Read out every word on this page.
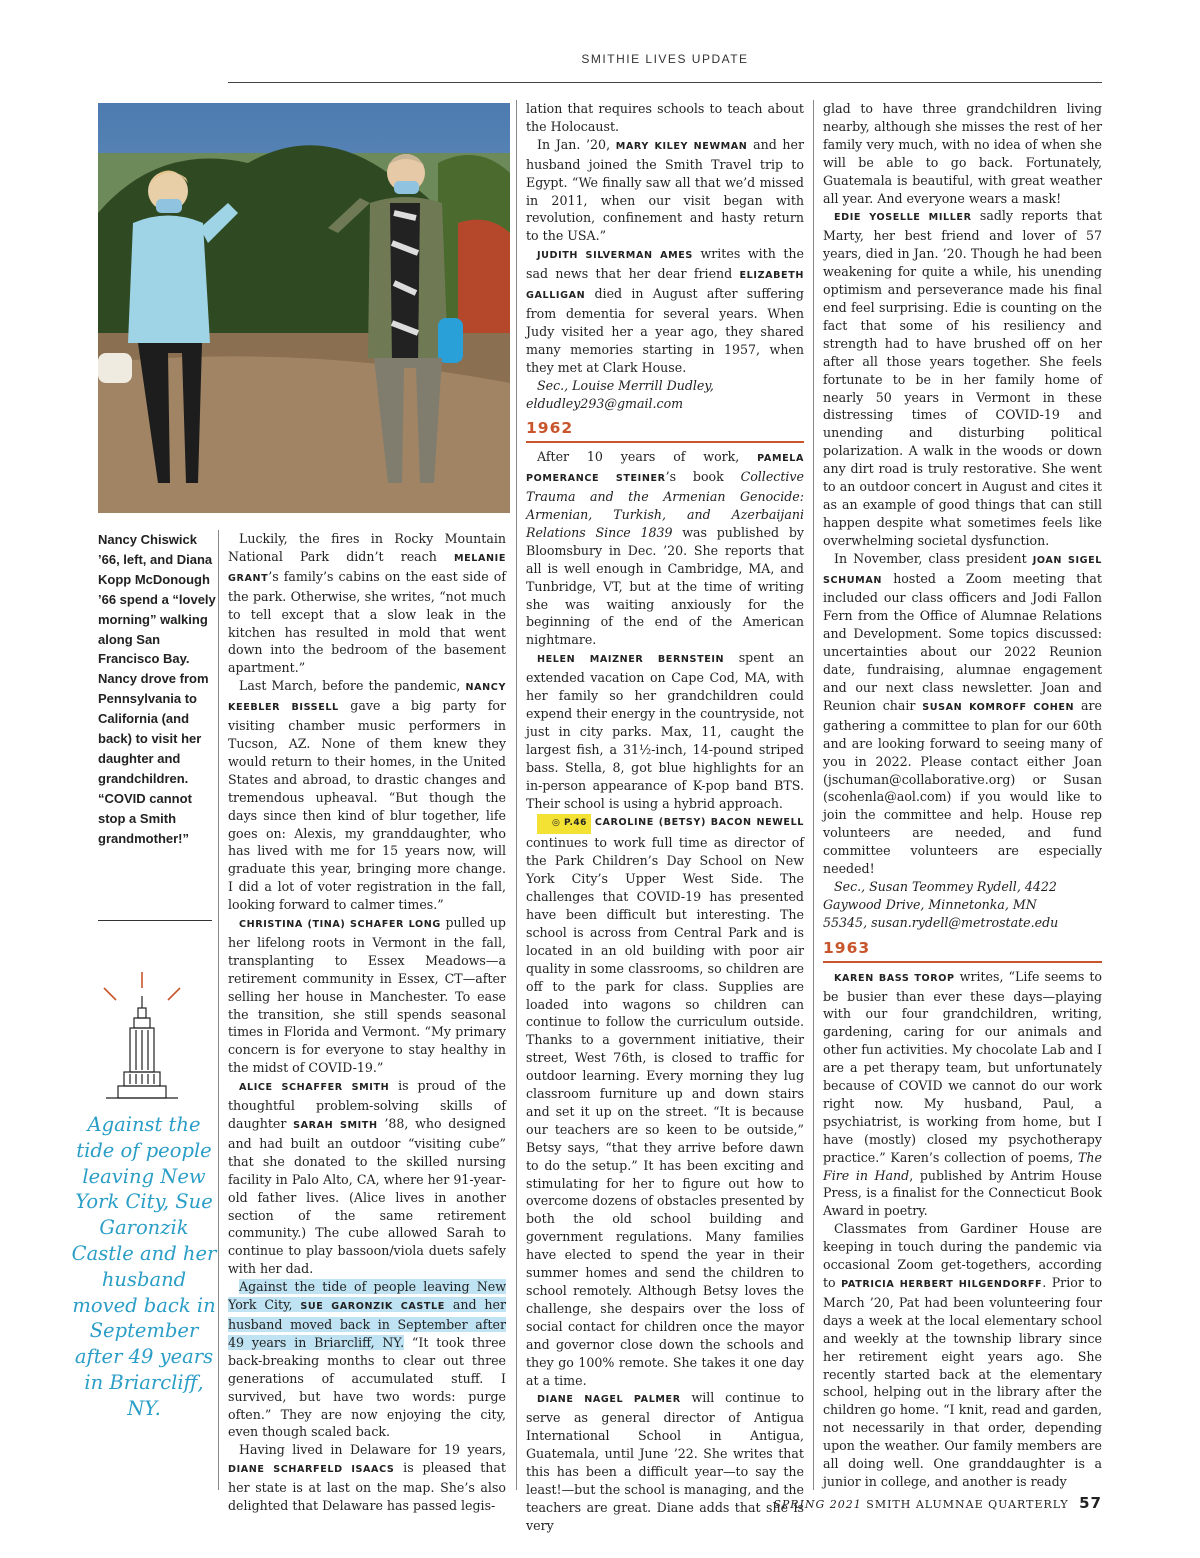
SMITHIE LIVES UPDATE
Nancy Chiswick ’66, left, and Diana Kopp McDonough ’66 spend a “lovely morning” walking along San Francisco Bay. Nancy drove from Pennsylvania to California (and back) to visit her daughter and grandchildren. “COVID cannot stop a Smith grandmother!”
Against the tide of people leaving New York City, Sue Garonzik Castle and her husband moved back in September after 49 years in Briarcliff, NY.

Luckily, the fires in Rocky Mountain National Park didn’t reach MELANIE GRANT’s family’s cabins on the east side of the park. Otherwise, she writes, “not much to tell except that a slow leak in the kitchen has resulted in mold that went down into the bedroom of the basement apartment.”

Last March, before the pandemic, NANCY KEEBLER BISSELL gave a big party for visiting chamber music performers in Tucson, AZ. None of them knew they would return to their homes, in the United States and abroad, to drastic changes and tremendous upheaval. “But though the days since then kind of blur together, life goes on: Alexis, my granddaughter, who has lived with me for 15 years now, will graduate this year, bringing more change. I did a lot of voter registration in the fall, looking forward to calmer times.”

CHRISTINA (TINA) SCHAFER LONG pulled up her lifelong roots in Vermont in the fall, transplanting to Essex Meadows—a retirement community in Essex, CT—after selling her house in Manchester. To ease the transition, she still spends seasonal times in Florida and Vermont. “My primary concern is for everyone to stay healthy in the midst of COVID-19.”

ALICE SCHAFFER SMITH is proud of the thoughtful problem-solving skills of daughter SARAH SMITH ’88, who designed and had built an outdoor “visiting cube” that she donated to the skilled nursing facility in Palo Alto, CA, where her 91-year-old father lives. (Alice lives in another section of the same retirement community.) The cube allowed Sarah to continue to play bassoon/viola duets safely with her dad.

Against the tide of people leaving New York City, SUE GARONZIK CASTLE and her husband moved back in September after 49 years in Briarcliff, NY. “It took three back-breaking months to clear out three generations of accumulated stuff. I survived, but have two words: purge often.” They are now enjoying the city, even though scaled back.

Having lived in Delaware for 19 years, DIANE SCHARFELD ISAACS is pleased that her state is at last on the map. She’s also delighted that Delaware has passed legis-

lation that requires schools to teach about the Holocaust.

In Jan. ’20, MARY KILEY NEWMAN and her husband joined the Smith Travel trip to Egypt. “We finally saw all that we’d missed in 2011, when our visit began with revolution, confinement and hasty return to the USA.”

JUDITH SILVERMAN AMES writes with the sad news that her dear friend ELIZABETH GALLIGAN died in August after suffering from dementia for several years. When Judy visited her a year ago, they shared many memories starting in 1957, when they met at Clark House.

Sec., Louise Merrill Dudley,

eldudley293@gmail.com

1962

After 10 years of work, PAMELA POMERANCE STEINER’s book Collective Trauma and the Armenian Genocide: Armenian, Turkish, and Azerbaijani Relations Since 1839 was published by Bloomsbury in Dec. ’20. She reports that all is well enough in Cambridge, MA, and Tunbridge, VT, but at the time of writing she was waiting anxiously for the beginning of the end of the American nightmare.

HELEN MAIZNER BERNSTEIN spent an extended vacation on Cape Cod, MA, with her family so her grandchildren could expend their energy in the countryside, not just in city parks. Max, 11, caught the largest fish, a 31½-inch, 14-pound striped bass. Stella, 8, got blue highlights for an in-person appearance of K-pop band BTS. Their school is using a hybrid approach.

◎ P.46 CAROLINE (BETSY) BACON NEWELL continues to work full time as director of the Park Children’s Day School on New York City’s Upper West Side. The challenges that COVID-19 has presented have been difficult but interesting. The school is across from Central Park and is located in an old building with poor air quality in some classrooms, so children are off to the park for class. Supplies are loaded into wagons so children can continue to follow the curriculum outside. Thanks to a government initiative, their street, West 76th, is closed to traffic for outdoor learning. Every morning they lug classroom furniture up and down stairs and set it up on the street. “It is because our teachers are so keen to be outside,” Betsy says, “that they arrive before dawn to do the setup.” It has been exciting and stimulating for her to figure out how to overcome dozens of obstacles presented by both the old school building and government regulations. Many families have elected to spend the year in their summer homes and send the children to school remotely. Although Betsy loves the challenge, she despairs over the loss of social contact for children once the mayor and governor close down the schools and they go 100% remote. She takes it one day at a time.

DIANE NAGEL PALMER will continue to serve as general director of Antigua International School in Antigua, Guatemala, until June ’22. She writes that this has been a difficult year—to say the least!—but the school is managing, and the teachers are great. Diane adds that she is very

glad to have three grandchildren living nearby, although she misses the rest of her family very much, with no idea of when she will be able to go back. Fortunately, Guatemala is beautiful, with great weather all year. And everyone wears a mask!

EDIE YOSELLE MILLER sadly reports that Marty, her best friend and lover of 57 years, died in Jan. ’20. Though he had been weakening for quite a while, his unending optimism and perseverance made his final end feel surprising. Edie is counting on the fact that some of his resiliency and strength had to have brushed off on her after all those years together. She feels fortunate to be in her family home of nearly 50 years in Vermont in these distressing times of COVID-19 and unending and disturbing political polarization. A walk in the woods or down any dirt road is truly restorative. She went to an outdoor concert in August and cites it as an example of good things that can still happen despite what sometimes feels like overwhelming societal dysfunction.

In November, class president JOAN SIGEL SCHUMAN hosted a Zoom meeting that included our class officers and Jodi Fallon Fern from the Office of Alumnae Relations and Development. Some topics discussed: uncertainties about our 2022 Reunion date, fundraising, alumnae engagement and our next class newsletter. Joan and Reunion chair SUSAN KOMROFF COHEN are gathering a committee to plan for our 60th and are looking forward to seeing many of you in 2022. Please contact either Joan (jschuman@collaborative.org) or Susan (scohenla@aol.com) if you would like to join the committee and help. House rep volunteers are needed, and fund committee volunteers are especially needed!

Sec., Susan Teommey Rydell, 4422

Gaywood Drive, Minnetonka, MN

55345, susan.rydell@metrostate.edu

1963

KAREN BASS TOROP writes, “Life seems to be busier than ever these days—playing with our four grandchildren, writing, gardening, caring for our animals and other fun activities. My chocolate Lab and I are a pet therapy team, but unfortunately because of COVID we cannot do our work right now. My husband, Paul, a psychiatrist, is working from home, but I have (mostly) closed my psychotherapy practice.” Karen’s collection of poems, The Fire in Hand, published by Antrim House Press, is a finalist for the Connecticut Book Award in poetry.

Classmates from Gardiner House are keeping in touch during the pandemic via occasional Zoom get-togethers, according to PATRICIA HERBERT HILGENDORFF. Prior to March ’20, Pat had been volunteering four days a week at the local elementary school and weekly at the township library since her retirement eight years ago. She recently started back at the elementary school, helping out in the library after the children go home. “I knit, read and garden, not necessarily in that order, depending upon the weather. Our family members are all doing well. One granddaughter is a junior in college, and another is ready

SPRING 2021 SMITH ALUMNAE QUARTERLY 57
